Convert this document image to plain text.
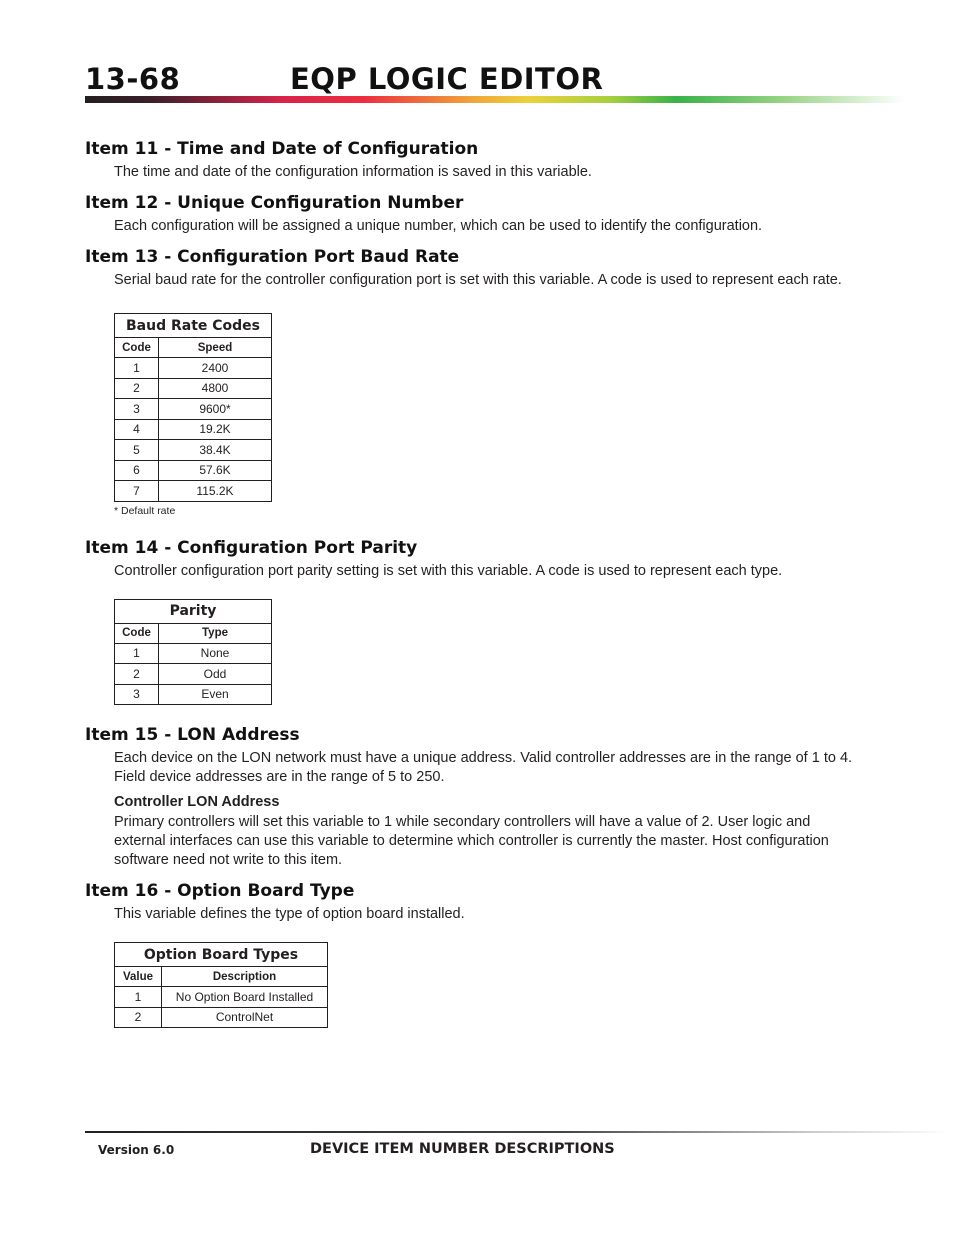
13-68	EQP LOGIC EDITOR
Item 11 - Time and Date of Configuration

The time and date of the configuration information is saved in this variable.

Item 12 - Unique Configuration Number

Each configuration will be assigned a unique number, which can be used to identify the configuration.

Item 13 - Configuration Port Baud Rate

Serial baud rate for the controller configuration port is set with this variable. A code is used to represent each rate.

Baud Rate Codes	
Code	Speed
1	2400
2	4800
3	9600*
4	19.2K
5	38.4K
6	57.6K
7	115.2K
* Default rate
Item 14 - Configuration Port Parity

Controller configuration port parity setting is set with this variable. A code is used to represent each type.

Parity	
Code	Type
1	None
2	Odd
3	Even
Item 15 - LON Address

Each device on the LON network must have a unique address. Valid controller addresses are in the range of 1 to 4. Field device addresses are in the range of 5 to 250.

Controller LON Address

Primary controllers will set this variable to 1 while secondary controllers will have a value of 2. User logic and external interfaces can use this variable to determine which controller is currently the master. Host configuration software need not write to this item.

Item 16 - Option Board Type

This variable defines the type of option board installed.

Option Board Types	
Value	Description
1	No Option Board Installed
2	ControlNet
Version 6.0	DEVICE ITEM NUMBER DESCRIPTIONS
